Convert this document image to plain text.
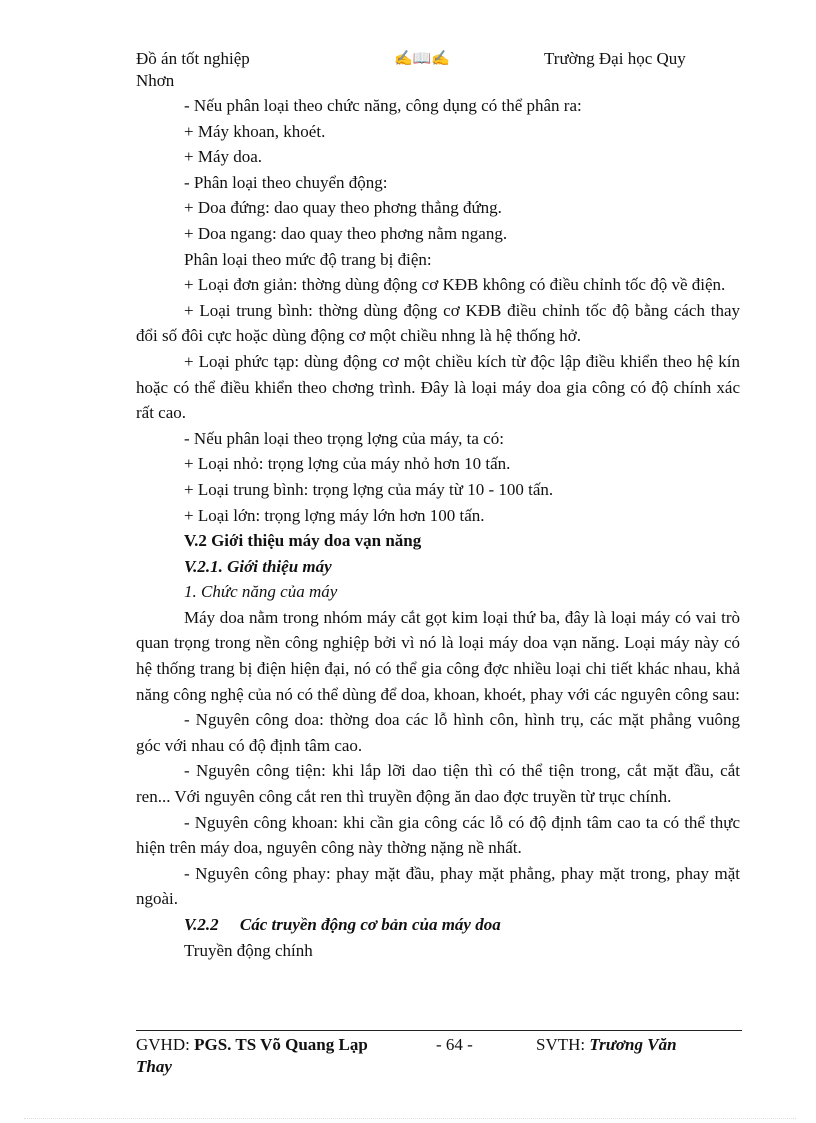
Đồ án tốt nghiệp
Nhơn
✍📖✍	Trường Đại học Quy

- Nếu phân loại theo chức năng, công dụng có thể phân ra:

+ Máy khoan, khoét.

+ Máy doa.

- Phân loại theo chuyển động:

+ Doa đứng: dao quay theo phơng thẳng đứng.

+ Doa ngang: dao quay theo phơng nằm ngang.

Phân loại theo mức độ trang bị điện:

+ Loại đơn giản: thờng dùng động cơ KĐB không có điều chỉnh tốc độ về điện.

+ Loại trung bình: thờng dùng động cơ KĐB điều chỉnh tốc độ bằng cách thay đổi số đôi cực hoặc dùng động cơ một chiều nhng là hệ thống hở.

+ Loại phức tạp: dùng động cơ một chiều kích từ độc lập điều khiển theo hệ kín hoặc có thể điều khiển theo chơng trình. Đây là loại máy doa gia công có độ chính xác rất cao.

- Nếu phân loại theo trọng lợng của máy, ta có:

+ Loại nhỏ: trọng lợng của máy nhỏ hơn 10 tấn.

+ Loại trung bình: trọng lợng của máy từ 10 - 100 tấn.

+ Loại lớn: trọng lợng máy lớn hơn 100 tấn.

V.2 Giới thiệu máy doa vạn năng

V.2.1. Giới thiệu máy

1. Chức năng của máy

Máy doa nằm trong nhóm máy cắt gọt kim loại thứ ba, đây là loại máy có vai trò quan trọng trong nền công nghiệp bởi vì nó là loại máy doa vạn năng. Loại máy này có hệ thống trang bị điện hiện đại, nó có thể gia công đợc nhiều loại chi tiết khác nhau, khả năng công nghệ của nó có thể dùng để doa, khoan, khoét, phay với các nguyên công sau:

- Nguyên công doa: thờng doa các lỗ hình côn, hình trụ, các mặt phẳng vuông góc với nhau có độ định tâm cao.

- Nguyên công tiện: khi lắp lỡi dao tiện thì có thể tiện trong, cắt mặt đầu, cắt ren... Với nguyên công cắt ren thì truyền động ăn dao đợc truyền từ trục chính.

- Nguyên công khoan: khi cần gia công các lỗ có độ định tâm cao ta có thể thực hiện trên máy doa, nguyên công này thờng nặng nề nhất.

- Nguyên công phay: phay mặt đầu, phay mặt phẳng, phay mặt trong, phay mặt ngoài.

V.2.2     Các truyền động cơ bản của máy doa

Truyền động chính

GVHD: PGS. TS Võ Quang Lạp	- 64 -	SVTH: Trương Văn
Thay
